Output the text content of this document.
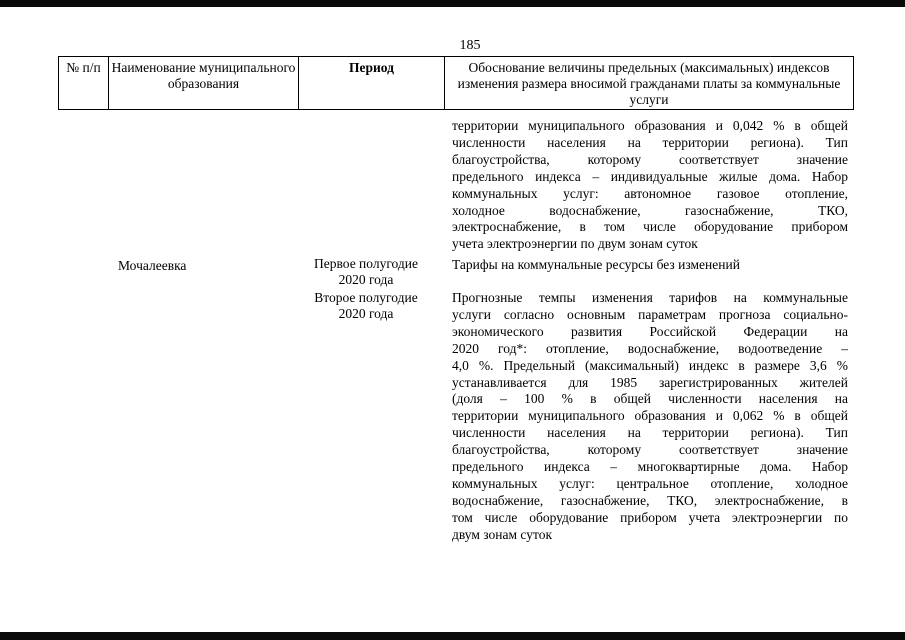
185
№ п/п Наименование муниципального образования
Период	Обоснование величины предельных (максимальных) индексов изменения размера вносимой гражданами платы за коммунальные услуги
территории муниципального образования и 0,042 % в общей
численности населения на территории региона). Тип
благоустройства, которому соответствует значение
предельного индекса – индивидуальные жилые дома. Набор
коммунальных услуг: автономное газовое отопление,
холодное водоснабжение, газоснабжение, ТКО,
электроснабжение, в том числе оборудование прибором
учета электроэнергии по двум зонам суток
Мочалеевка	Первое полугодие 2020 года
Тарифы на коммунальные ресурсы без изменений
Второе полугодие 2020 года
Прогнозные темпы изменения тарифов на коммунальные
услуги согласно основным параметрам прогноза социально-
экономического развития Российской Федерации на
2020 год*: отопление, водоснабжение, водоотведение –
4,0 %. Предельный (максимальный) индекс в размере 3,6 %
устанавливается для 1985 зарегистрированных жителей
(доля – 100 % в общей численности населения на
территории муниципального образования и 0,062 % в общей
численности населения на территории региона). Тип
благоустройства, которому соответствует значение
предельного индекса – многоквартирные дома. Набор
коммунальных услуг: центральное отопление, холодное
водоснабжение, газоснабжение, ТКО, электроснабжение, в
том числе оборудование прибором учета электроэнергии по
двум зонам суток
